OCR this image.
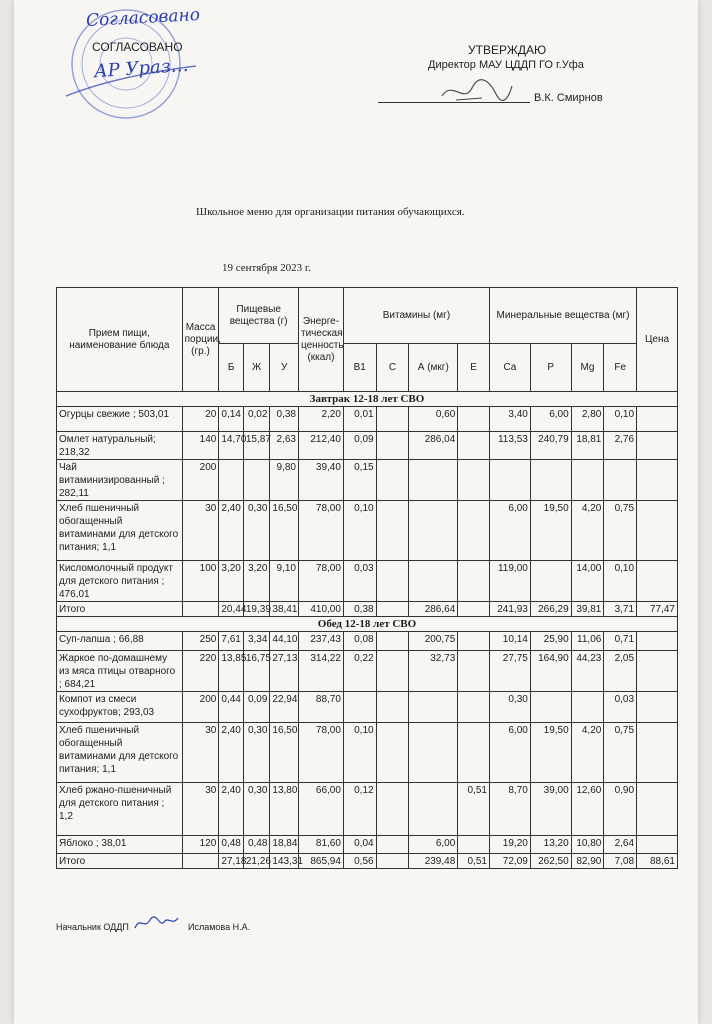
Согласовано
СОГЛАСОВАНО
АР Ураз…
УТВЕРЖДАЮ
Директор МАУ ЦДДП ГО г.Уфа
В.К. Смирнов
Школьное меню для организации питания обучающихся.
19 сентября 2023 г.
Прием пищи, наименование блюда	Масса порции, (гр.)	Пищевые вещества (г)			Энерге-тическая ценность (ккал)	Витамины (мг)				Минеральные вещества (мг)				Цена
		Б	Ж	У		B1	C	А (мкг)	E	Ca	P	Mg	Fe	
Завтрак 12-18 лет СВО														
Огурцы свежие ; 503,01	20	0,14	0,02	0,38	2,20	0,01		0,60		3,40	6,00	2,80	0,10	
Омлет натуральный; 218,32	140	14,70	15,87	2,63	212,40	0,09		286,04		113,53	240,79	18,81	2,76	
Чай витаминизированный ; 282,11	200			9,80	39,40	0,15								
Хлеб пшеничный обогащенный витаминами для детского питания; 1,1	30	2,40	0,30	16,50	78,00	0,10				6,00	19,50	4,20	0,75	
Кисломолочный продукт для детского питания ; 476,01	100	3,20	3,20	9,10	78,00	0,03				119,00		14,00	0,10	
Итого		20,44	19,39	38,41	410,00	0,38		286,64		241,93	266,29	39,81	3,71	77,47
Обед 12-18 лет СВО														
Суп-лапша ; 66,88	250	7,61	3,34	44,10	237,43	0,08		200,75		10,14	25,90	11,06	0,71	
Жаркое по-домашнему из мяса птицы отварного ; 684,21	220	13,85	16,75	27,13	314,22	0,22		32,73		27,75	164,90	44,23	2,05	
Компот из смеси сухофруктов; 293,03	200	0,44	0,09	22,94	88,70					0,30			0,03	
Хлеб пшеничный обогащенный витаминами для детского питания; 1,1	30	2,40	0,30	16,50	78,00	0,10				6,00	19,50	4,20	0,75	
Хлеб ржано-пшеничный для детского питания ; 1,2	30	2,40	0,30	13,80	66,00	0,12			0,51	8,70	39,00	12,60	0,90	
Яблоко ; 38,01	120	0,48	0,48	18,84	81,60	0,04		6,00		19,20	13,20	10,80	2,64	
Итого		27,18	21,26	143,31	865,94	0,56		239,48	0,51	72,09	262,50	82,90	7,08	88,61
Начальник ОДДП	Исламова Н.А.
